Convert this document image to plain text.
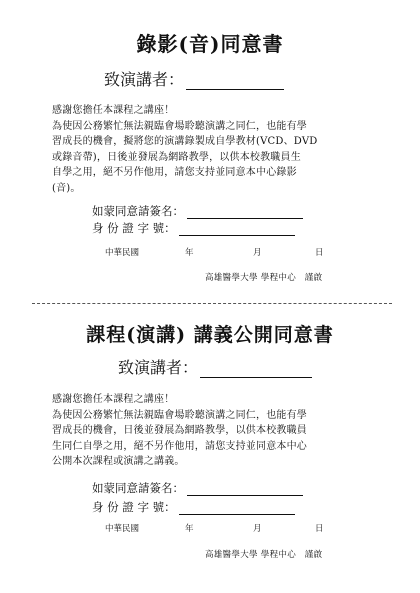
錄影(音)同意書
致演講者：
感謝您擔任本課程之講座！
為使因公務繁忙無法親臨會場聆聽演講之同仁，也能有學
習成長的機會，擬將您的演講錄製成自學教材(VCD、DVD
或錄音帶)，日後並發展為網路教學，以供本校教職員生
自學之用，絕不另作他用，請您支持並同意本中心錄影
(音)。
如蒙同意請簽名：
身 份 證 字 號：
中華民國	年	月	日
高雄醫學大學 學程中心　謹啟
課程(演講) 講義公開同意書
致演講者：
感謝您擔任本課程之講座！
為使因公務繁忙無法親臨會場聆聽演講之同仁，也能有學
習成長的機會，日後並發展為網路教學，以供本校教職員
生同仁自學之用，絕不另作他用，請您支持並同意本中心
公開本次課程或演講之講義。
如蒙同意請簽名：
身 份 證 字 號：
中華民國	年	月	日
高雄醫學大學 學程中心　謹啟
